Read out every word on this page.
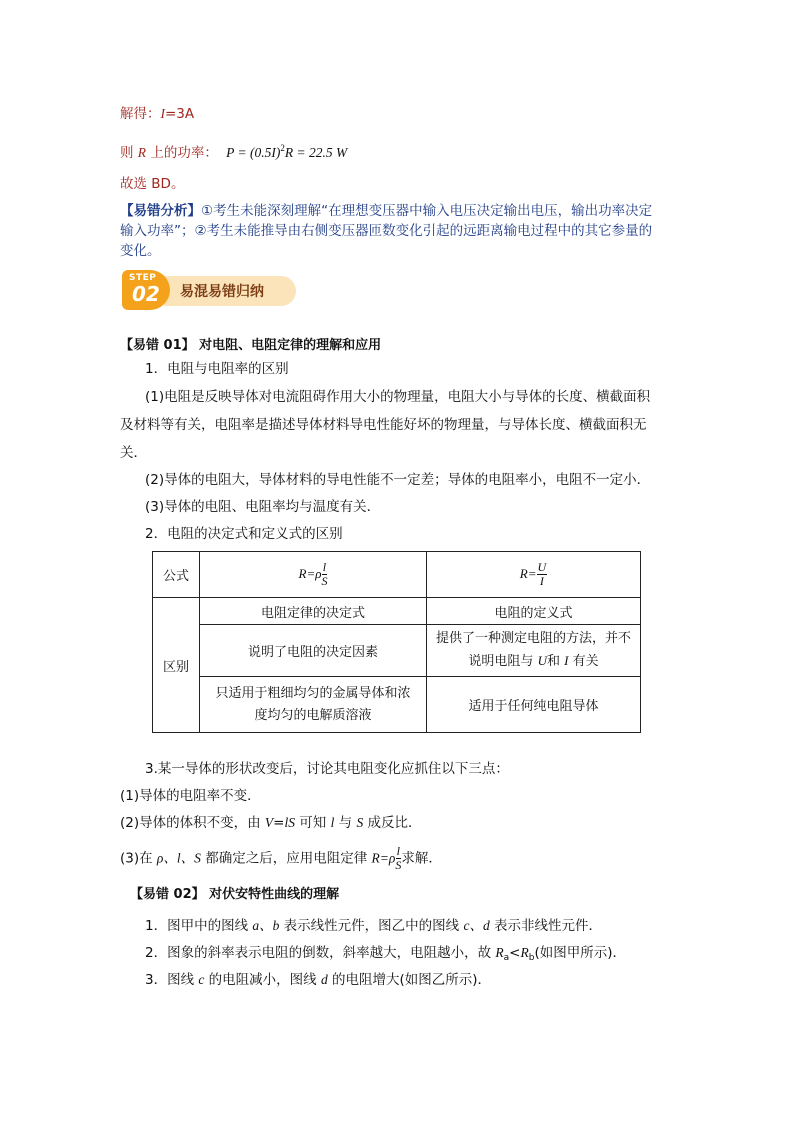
解得：I=3A
则 R 上的功率： $P = (0.5I)^2R = 22.5$ W
故选 BD。
【易错分析】①考生未能深刻理解“在理想变压器中输入电压决定输出电压，输出功率决定
输入功率”；②考生未能推导由右侧变压器匝数变化引起的远距离输电过程中的其它参量的
变化。
STEP
02 易混易错归纳
【易错 01】 对电阻、电阻定律的理解和应用
1．电阻与电阻率的区别
(1)电阻是反映导体对电流阻碍作用大小的物理量，电阻大小与导体的长度、横截面积
及材料等有关，电阻率是描述导体材料导电性能好坏的物理量，与导体长度、横截面积无
关．
(2)导体的电阻大，导体材料的导电性能不一定差；导体的电阻率小，电阻不一定小．
(3)导体的电阻、电阻率均与温度有关．
2．电阻的决定式和定义式的区别
公式	$R=\rho \frac{l}{S}$	$R= \frac{U}{I}$

区别	电阻定律的决定式	电阻的定义式
	说明了电阻的决定因素	提供了一种测定电阻的方法，并不
说明电阻与 U和 I 有关

	只适用于粗细均匀的金属导体和浓
度均匀的电解质溶液	适用于任何纯电阻导体
3.某一导体的形状改变后，讨论其电阻变化应抓住以下三点：
(1)导体的电阻率不变．
(2)导体的体积不变，由 V=lS 可知 l 与 S 成反比．
(3)在 ρ、l、S 都确定之后，应用电阻定律 $R=\rho \frac{l}{S}$ 求解．
【易错 02】 对伏安特性曲线的理解
1．图甲中的图线 a、b 表示线性元件，图乙中的图线 c、d 表示非线性元件．
2．图象的斜率表示电阻的倒数，斜率越大，电阻越小，故 $R_a<R_b$(如图甲所示)．
3．图线 c 的电阻减小，图线 d 的电阻增大(如图乙所示)．
